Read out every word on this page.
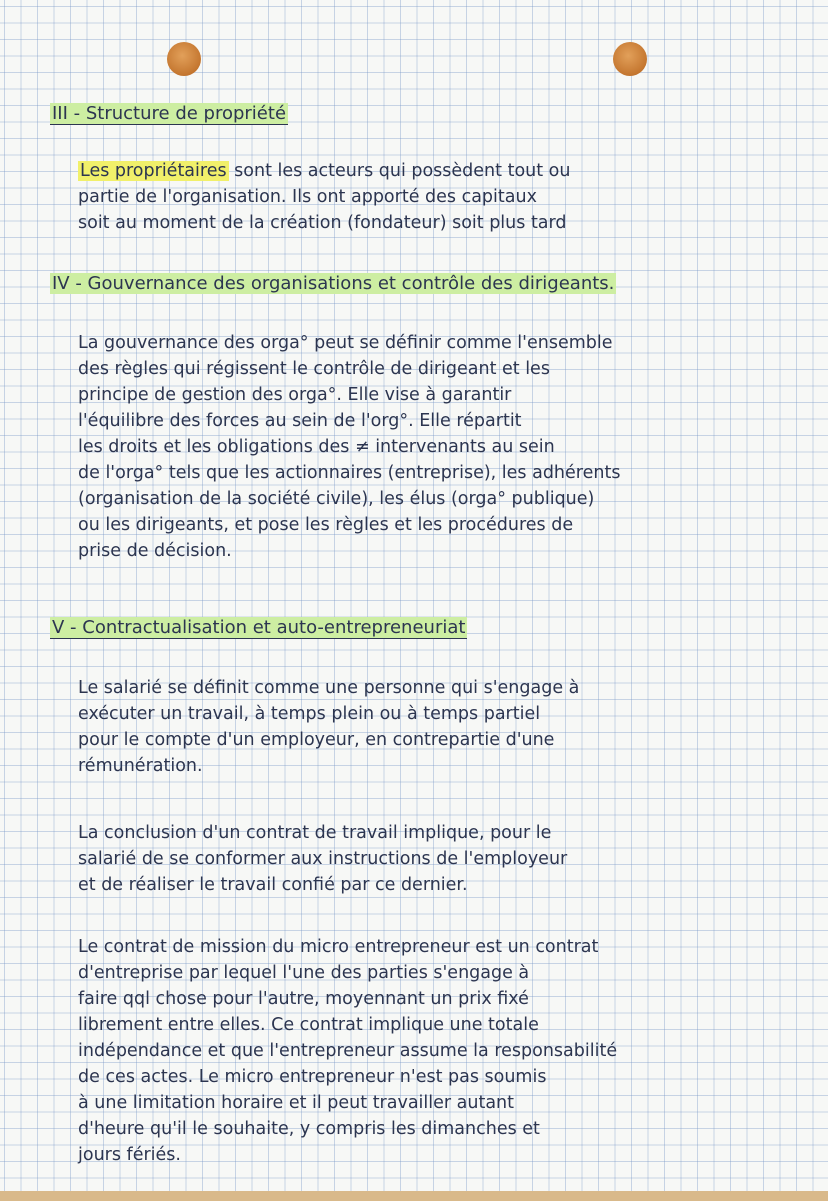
III - Structure de propriété

Les propriétaires sont les acteurs qui possèdent tout ou

partie de l'organisation. Ils ont apporté des capitaux

soit au moment de la création (fondateur) soit plus tard

IV - Gouvernance des organisations et contrôle des dirigeants.

La gouvernance des orga° peut se définir comme l'ensemble

des règles qui régissent le contrôle de dirigeant et les

principe de gestion des orga°. Elle vise à garantir

l'équilibre des forces au sein de l'org°. Elle répartit

les droits et les obligations des ≠ intervenants au sein

de l'orga° tels que les actionnaires (entreprise), les adhérents

(organisation de la société civile), les élus (orga° publique)

ou les dirigeants, et pose les règles et les procédures de

prise de décision.

V - Contractualisation et auto-entrepreneuriat

Le salarié se définit comme une personne qui s'engage à

exécuter un travail, à temps plein ou à temps partiel

pour le compte d'un employeur, en contrepartie d'une

rémunération.

La conclusion d'un contrat de travail implique, pour le

salarié de se conformer aux instructions de l'employeur

et de réaliser le travail confié par ce dernier.

Le contrat de mission du micro entrepreneur est un contrat

d'entreprise par lequel l'une des parties s'engage à

faire qql chose pour l'autre, moyennant un prix fixé

librement entre elles. Ce contrat implique une totale

indépendance et que l'entrepreneur assume la responsabilité

de ces actes. Le micro entrepreneur n'est pas soumis

à une limitation horaire et il peut travailler autant

d'heure qu'il le souhaite, y compris les dimanches et

jours fériés.
